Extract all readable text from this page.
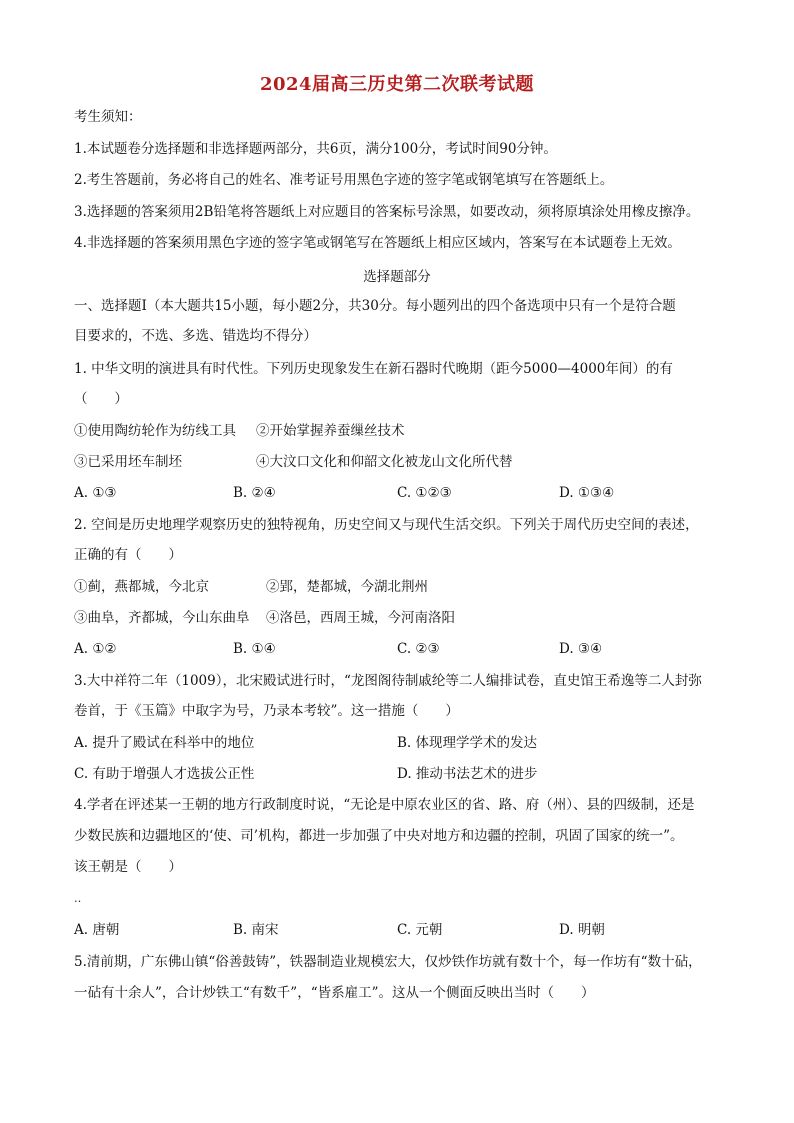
2024届高三历史第二次联考试题
考生须知：
1.本试题卷分选择题和非选择题两部分，共6页，满分100分，考试时间90分钟。
2.考生答题前，务必将自己的姓名、准考证号用黑色字迹的签字笔或钢笔填写在答题纸上。
3.选择题的答案须用2B铅笔将答题纸上对应题目的答案标号涂黑，如要改动，须将原填涂处用橡皮擦净。
4.非选择题的答案须用黑色字迹的签字笔或钢笔写在答题纸上相应区域内，答案写在本试题卷上无效。
选择题部分
一、选择题Ⅰ（本大题共15小题，每小题2分，共30分。每小题列出的四个备选项中只有一个是符合题
目要求的，不选、多选、错选均不得分）
1. 中华文明的演进具有时代性。下列历史现象发生在新石器时代晚期（距今5000—4000年间）的有
（　　）
①使用陶纺轮作为纺线工具 ②开始掌握养蚕缫丝技术
③已采用坯车制坯	④大汶口文化和仰韶文化被龙山文化所代替
A. ①③	B. ②④	C. ①②③	D. ①③④
2. 空间是历史地理学观察历史的独特视角，历史空间又与现代生活交织。下列关于周代历史空间的表述，
正确的有（　　）
①蓟，燕都城，今北京	②郢，楚都城，今湖北荆州
③曲阜，齐都城，今山东曲阜 ④洛邑，西周王城，今河南洛阳
A. ①②	B. ①④	C. ②③	D. ③④
3.大中祥符二年（1009），北宋殿试进行时，“龙图阁待制戚纶等二人编排试卷，直史馆王希逸等二人封弥
卷首，于《玉篇》中取字为号，乃录本考较”。这一措施（　　）
A. 提升了殿试在科举中的地位	B. 体现理学学术的发达
C. 有助于增强人才选拔公正性	D. 推动书法艺术的进步
4.学者在评述某一王朝的地方行政制度时说，“无论是中原农业区的省、路、府（州）、县的四级制，还是
少数民族和边疆地区的‘使、司’机构，都进一步加强了中央对地方和边疆的控制，巩固了国家的统一”。
该王朝是（　　）
‥
A. 唐朝	B. 南宋	C. 元朝	D. 明朝
5.清前期，广东佛山镇“俗善鼓铸”，铁器制造业规模宏大，仅炒铁作坊就有数十个，每一作坊有“数十砧，
一砧有十余人”，合计炒铁工“有数千”，“皆系雇工”。这从一个侧面反映出当时（　　）
